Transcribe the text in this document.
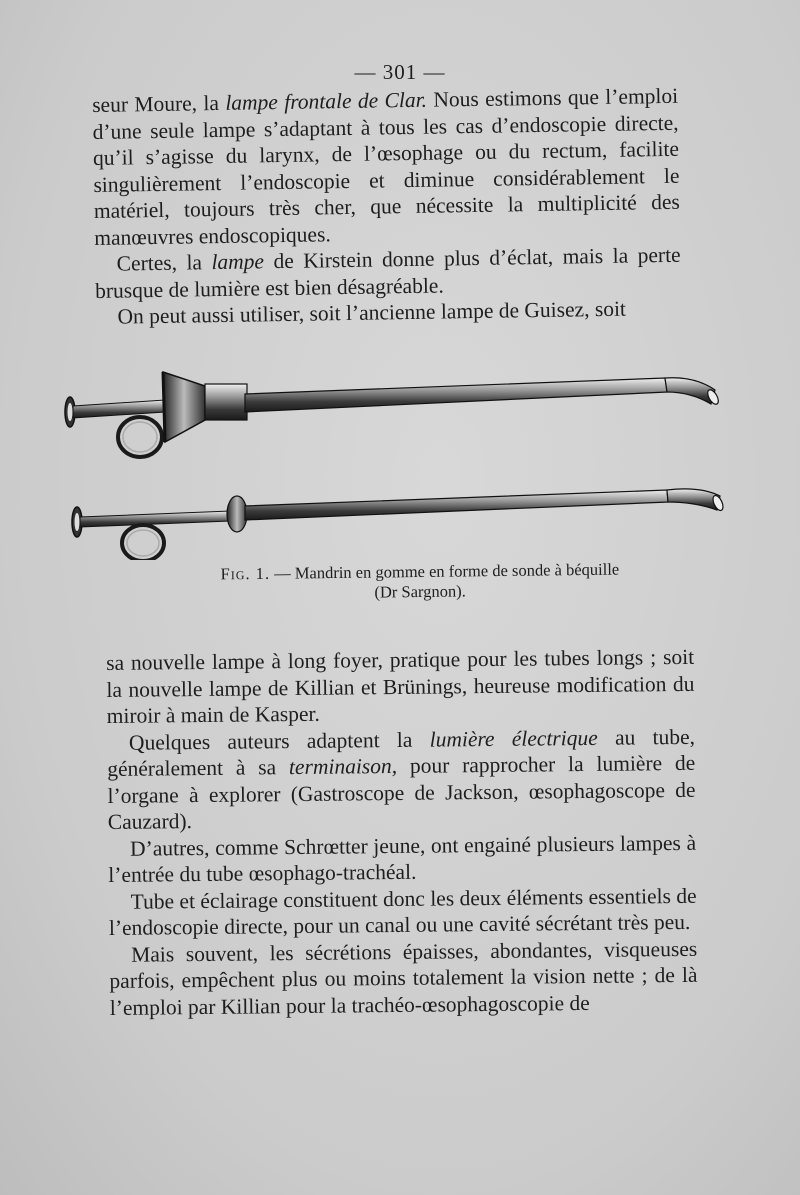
— 301 —

seur Moure, la lampe frontale de Clar. Nous estimons que l’emploi d’une seule lampe s’adaptant à tous les cas d’endoscopie directe, qu’il s’agisse du larynx, de l’œsophage ou du rectum, facilite singulièrement l’endoscopie et diminue considérablement le matériel, toujours très cher, que nécessite la multiplicité des manœuvres endoscopiques.

Certes, la lampe de Kirstein donne plus d’éclat, mais la perte brusque de lumière est bien désagréable.

On peut aussi utiliser, soit l’ancienne lampe de Guisez, soit

Fig. 1. — Mandrin en gomme en forme de sonde à béquille
(Dr Sargnon).

sa nouvelle lampe à long foyer, pratique pour les tubes longs ; soit la nouvelle lampe de Killian et Brünings, heureuse modification du miroir à main de Kasper.

Quelques auteurs adaptent la lumière électrique au tube, généralement à sa terminaison, pour rapprocher la lumière de l’organe à explorer (Gastroscope de Jackson, œsophagoscope de Cauzard).

D’autres, comme Schrœtter jeune, ont engainé plusieurs lampes à l’entrée du tube œsophago-trachéal.

Tube et éclairage constituent donc les deux éléments essentiels de l’endoscopie directe, pour un canal ou une cavité sécrétant très peu.

Mais souvent, les sécrétions épaisses, abondantes, visqueuses parfois, empêchent plus ou moins totalement la vision nette ; de là l’emploi par Killian pour la trachéo-œsophagoscopie de
